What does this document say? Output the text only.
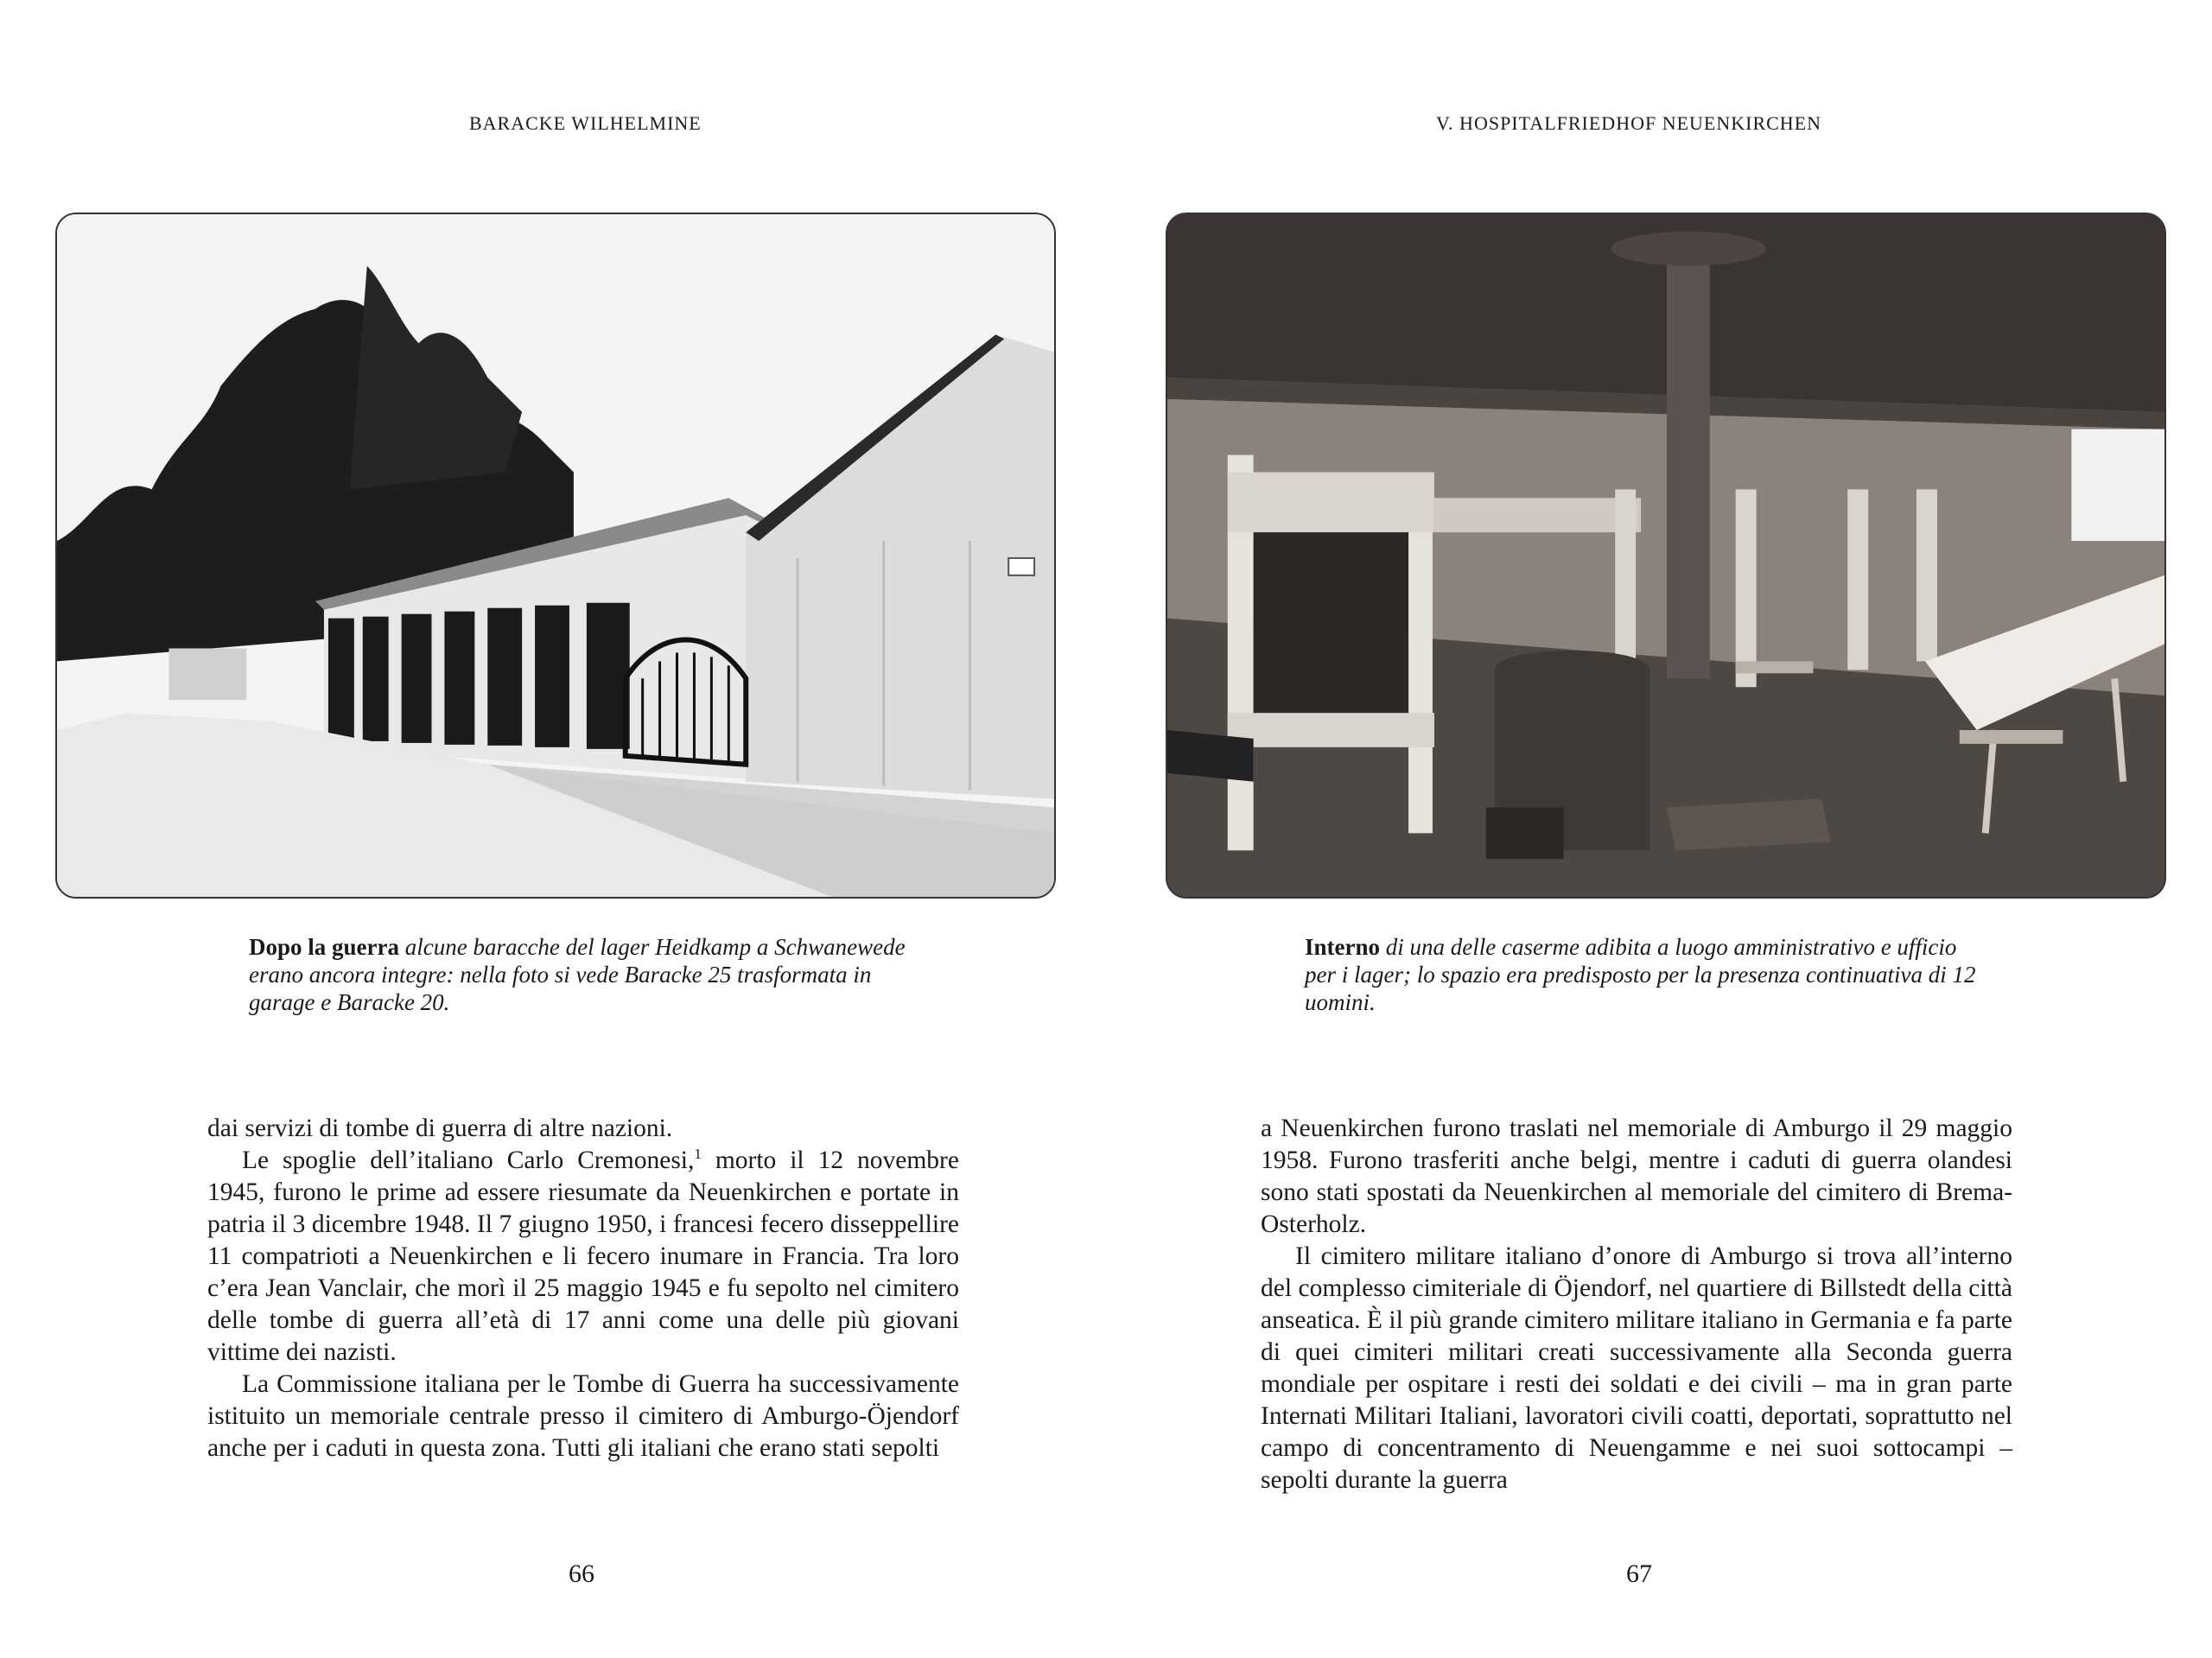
BARACKE WILHELMINE
Dopo la guerra alcune baracche del lager Heidkamp a Schwanewede erano ancora integre: nella foto si vede Baracke 25 trasformata in garage e Baracke 20.

dai servizi di tombe di guerra di altre nazioni.

Le spoglie dell’italiano Carlo Cremonesi,$^1$ morto il 12 novembre 1945, furono le prime ad essere riesumate da Neuenkirchen e portate in patria il 3 dicembre 1948. Il 7 giugno 1950, i francesi fecero disseppellire 11 compatrioti a Neuenkirchen e li fecero inumare in Francia. Tra loro c’era Jean Vanclair, che morì il 25 maggio 1945 e fu sepolto nel cimitero delle tombe di guerra all’età di 17 anni come una delle più giovani vittime dei nazisti.

La Commissione italiana per le Tombe di Guerra ha successivamente istituito un memoriale centrale presso il cimitero di Amburgo-Öjendorf anche per i caduti in questa zona. Tutti gli italiani che erano stati sepolti

66
V. HOSPITALFRIEDHOF NEUENKIRCHEN
Interno di una delle caserme adibita a luogo amministrativo e ufficio per i lager; lo spazio era predisposto per la presenza continuativa di 12 uomini.

a Neuenkirchen furono traslati nel memoriale di Amburgo il 29 maggio 1958. Furono trasferiti anche belgi, mentre i caduti di guerra olandesi sono stati spostati da Neuenkirchen al memoriale del cimitero di Brema-Osterholz.

Il cimitero militare italiano d’onore di Amburgo si trova all’interno del complesso cimiteriale di Öjendorf, nel quartiere di Billstedt della città anseatica. È il più grande cimitero militare italiano in Germania e fa parte di quei cimiteri militari creati successivamente alla Seconda guerra mondiale per ospitare i resti dei soldati e dei civili – ma in gran parte Internati Militari Italiani, lavoratori civili coatti, deportati, soprattutto nel campo di concentramento di Neuengamme e nei suoi sottocampi – sepolti durante la guerra

67
